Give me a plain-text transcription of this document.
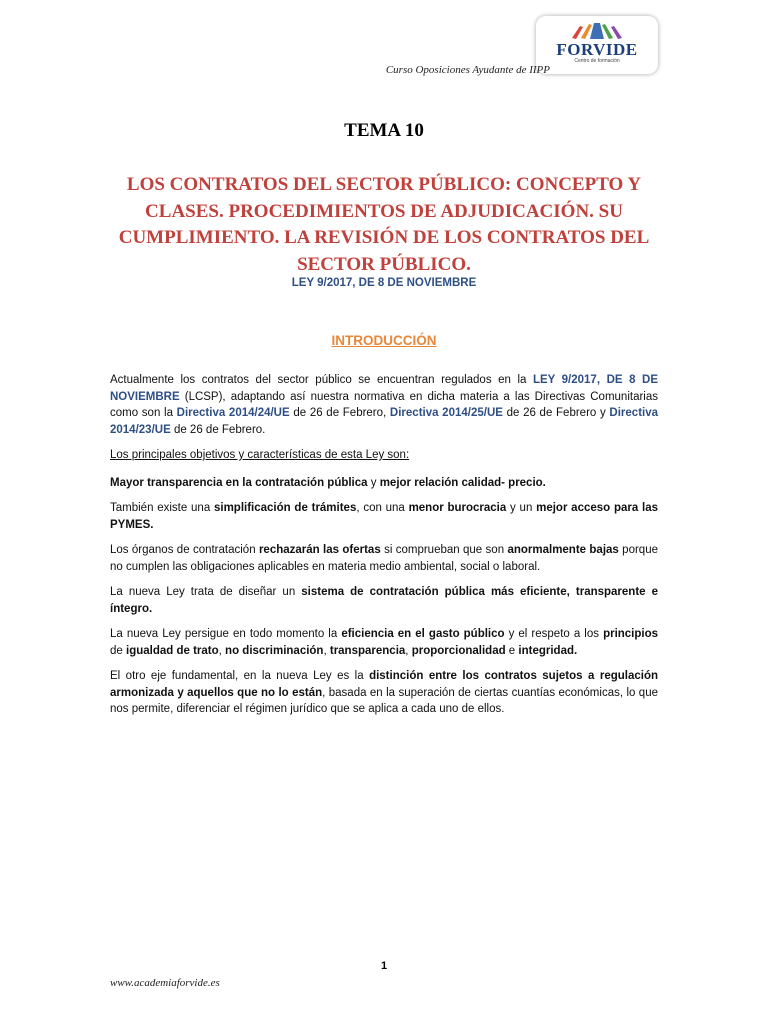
FORVIDE
Centro de formación
Curso Oposiciones Ayudante de IIPP
TEMA 10
LOS CONTRATOS DEL SECTOR PÚBLICO: CONCEPTO Y CLASES. PROCEDIMIENTOS DE ADJUDICACIÓN. SU CUMPLIMIENTO. LA REVISIÓN DE LOS CONTRATOS DEL SECTOR PÚBLICO.
LEY 9/2017, DE 8 DE NOVIEMBRE
INTRODUCCIÓN

Actualmente los contratos del sector público se encuentran regulados en la LEY 9/2017, DE 8 DE NOVIEMBRE (LCSP), adaptando así nuestra normativa en dicha materia a las Directivas Comunitarias como son la Directiva 2014/24/UE de 26 de Febrero, Directiva 2014/25/UE de 26 de Febrero y Directiva 2014/23/UE de 26 de Febrero.

Los principales objetivos y características de esta Ley son:

Mayor transparencia en la contratación pública y mejor relación calidad- precio.

También existe una simplificación de trámites, con una menor burocracia y un mejor acceso para las PYMES.

Los órganos de contratación rechazarán las ofertas si comprueban que son anormalmente bajas porque no cumplen las obligaciones aplicables en materia medio ambiental, social o laboral.

La nueva Ley trata de diseñar un sistema de contratación pública más eficiente, transparente e íntegro.

La nueva Ley persigue en todo momento la eficiencia en el gasto público y el respeto a los principios de igualdad de trato, no discriminación, transparencia, proporcionalidad e integridad.

El otro eje fundamental, en la nueva Ley es la distinción entre los contratos sujetos a regulación armonizada y aquellos que no lo están, basada en la superación de ciertas cuantías económicas, lo que nos permite, diferenciar el régimen jurídico que se aplica a cada uno de ellos.

1
www.academiaforvide.es
